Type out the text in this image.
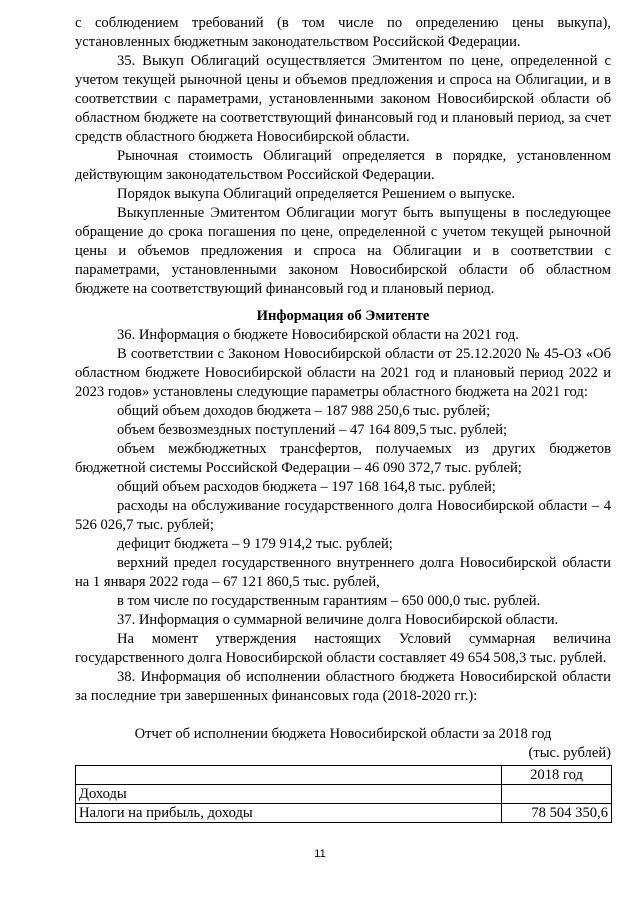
с соблюдением требований (в том числе по определению цены выкупа), установленных бюджетным законодательством Российской Федерации.

35. Выкуп Облигаций осуществляется Эмитентом по цене, определенной с учетом текущей рыночной цены и объемов предложения и спроса на Облигации, и в соответствии с параметрами, установленными законом Новосибирской области об областном бюджете на соответствующий финансовый год и плановый период, за счет средств областного бюджета Новосибирской области.

Рыночная стоимость Облигаций определяется в порядке, установленном действующим законодательством Российской Федерации.

Порядок выкупа Облигаций определяется Решением о выпуске.

Выкупленные Эмитентом Облигации могут быть выпущены в последующее обращение до срока погашения по цене, определенной с учетом текущей рыночной цены и объемов предложения и спроса на Облигации и в соответствии с параметрами, установленными законом Новосибирской области об областном бюджете на соответствующий финансовый год и плановый период.

Информация об Эмитенте

36. Информация о бюджете Новосибирской области на 2021 год.

В соответствии с Законом Новосибирской области от 25.12.2020 № 45-ОЗ «Об областном бюджете Новосибирской области на 2021 год и плановый период 2022 и 2023 годов» установлены следующие параметры областного бюджета на 2021 год:

общий объем доходов бюджета – 187 988 250,6 тыс. рублей;

объем безвозмездных поступлений – 47 164 809,5 тыс. рублей;

объем межбюджетных трансфертов, получаемых из других бюджетов бюджетной системы Российской Федерации – 46 090 372,7 тыс. рублей;

общий объем расходов бюджета – 197 168 164,8 тыс. рублей;

расходы на обслуживание государственного долга Новосибирской области – 4 526 026,7 тыс. рублей;

дефицит бюджета – 9 179 914,2 тыс. рублей;

верхний предел государственного внутреннего долга Новосибирской области на 1 января 2022 года – 67 121 860,5 тыс. рублей,

в том числе по государственным гарантиям – 650 000,0 тыс. рублей.

37. Информация о суммарной величине долга Новосибирской области.

На момент утверждения настоящих Условий суммарная величина государственного долга Новосибирской области составляет 49 654 508,3 тыс. рублей.

38. Информация об исполнении областного бюджета Новосибирской области за последние три завершенных финансовых года (2018-2020 гг.):

Отчет об исполнении бюджета Новосибирской области за 2018 год

(тыс. рублей)

	2018 год
Доходы	
Налоги на прибыль, доходы	78 504 350,6
11
